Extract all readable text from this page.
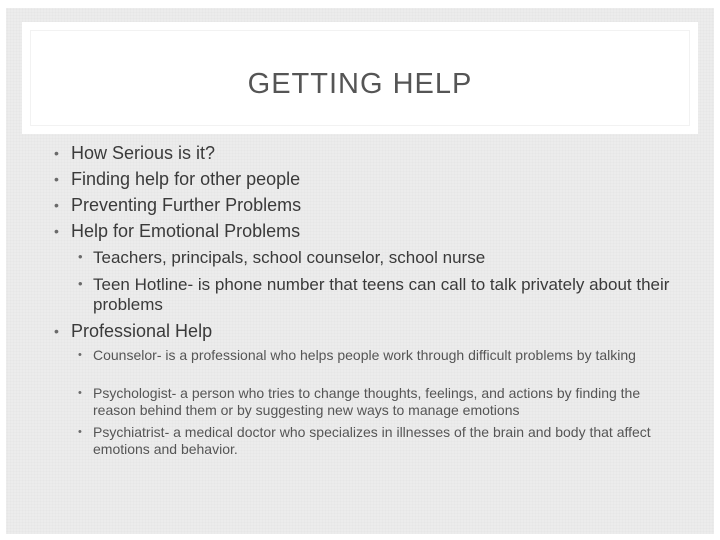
GETTING HELP
• How Serious is it?
• Finding help for other people
• Preventing Further Problems
• Help for Emotional Problems
• Teachers, principals, school counselor, school nurse
• Teen Hotline- is phone number that teens can call to talk privately about their problems
• Professional Help
• Counselor- is a professional who helps people work through difficult problems by talking
• Psychologist- a person who tries to change thoughts, feelings, and actions by finding the reason behind them or by suggesting new ways to manage emotions
• Psychiatrist- a medical doctor who specializes in illnesses of the brain and body that affect emotions and behavior.
